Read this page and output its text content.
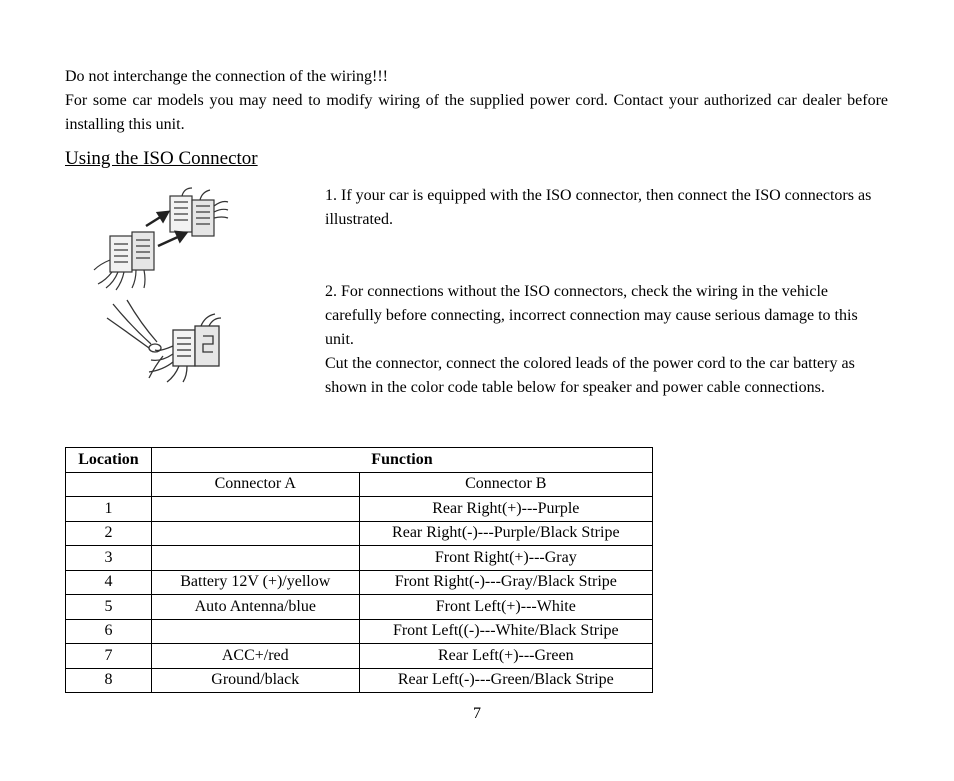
Do not interchange the connection of the wiring!!!
For some car models you may need to modify wiring of the supplied power cord. Contact your authorized car dealer before installing this unit.
Using the ISO Connector
1. If your car is equipped with the ISO connector, then connect the ISO connectors as illustrated.
2. For connections without the ISO connectors, check the wiring in the vehicle carefully before connecting, incorrect connection may cause serious damage to this unit.
Cut the connector, connect the colored leads of the power cord to the car battery as shown in the color code table below for speaker and power cable connections.
Location	Function	
	Connector A	Connector B
1		Rear Right(+)---Purple
2		Rear Right(-)---Purple/Black Stripe
3		Front Right(+)---Gray
4	Battery 12V (+)/yellow	Front Right(-)---Gray/Black Stripe
5	Auto Antenna/blue	Front Left(+)---White
6		Front Left((-)---White/Black Stripe
7	ACC+/red	Rear Left(+)---Green
8	Ground/black	Rear Left(-)---Green/Black Stripe
7
